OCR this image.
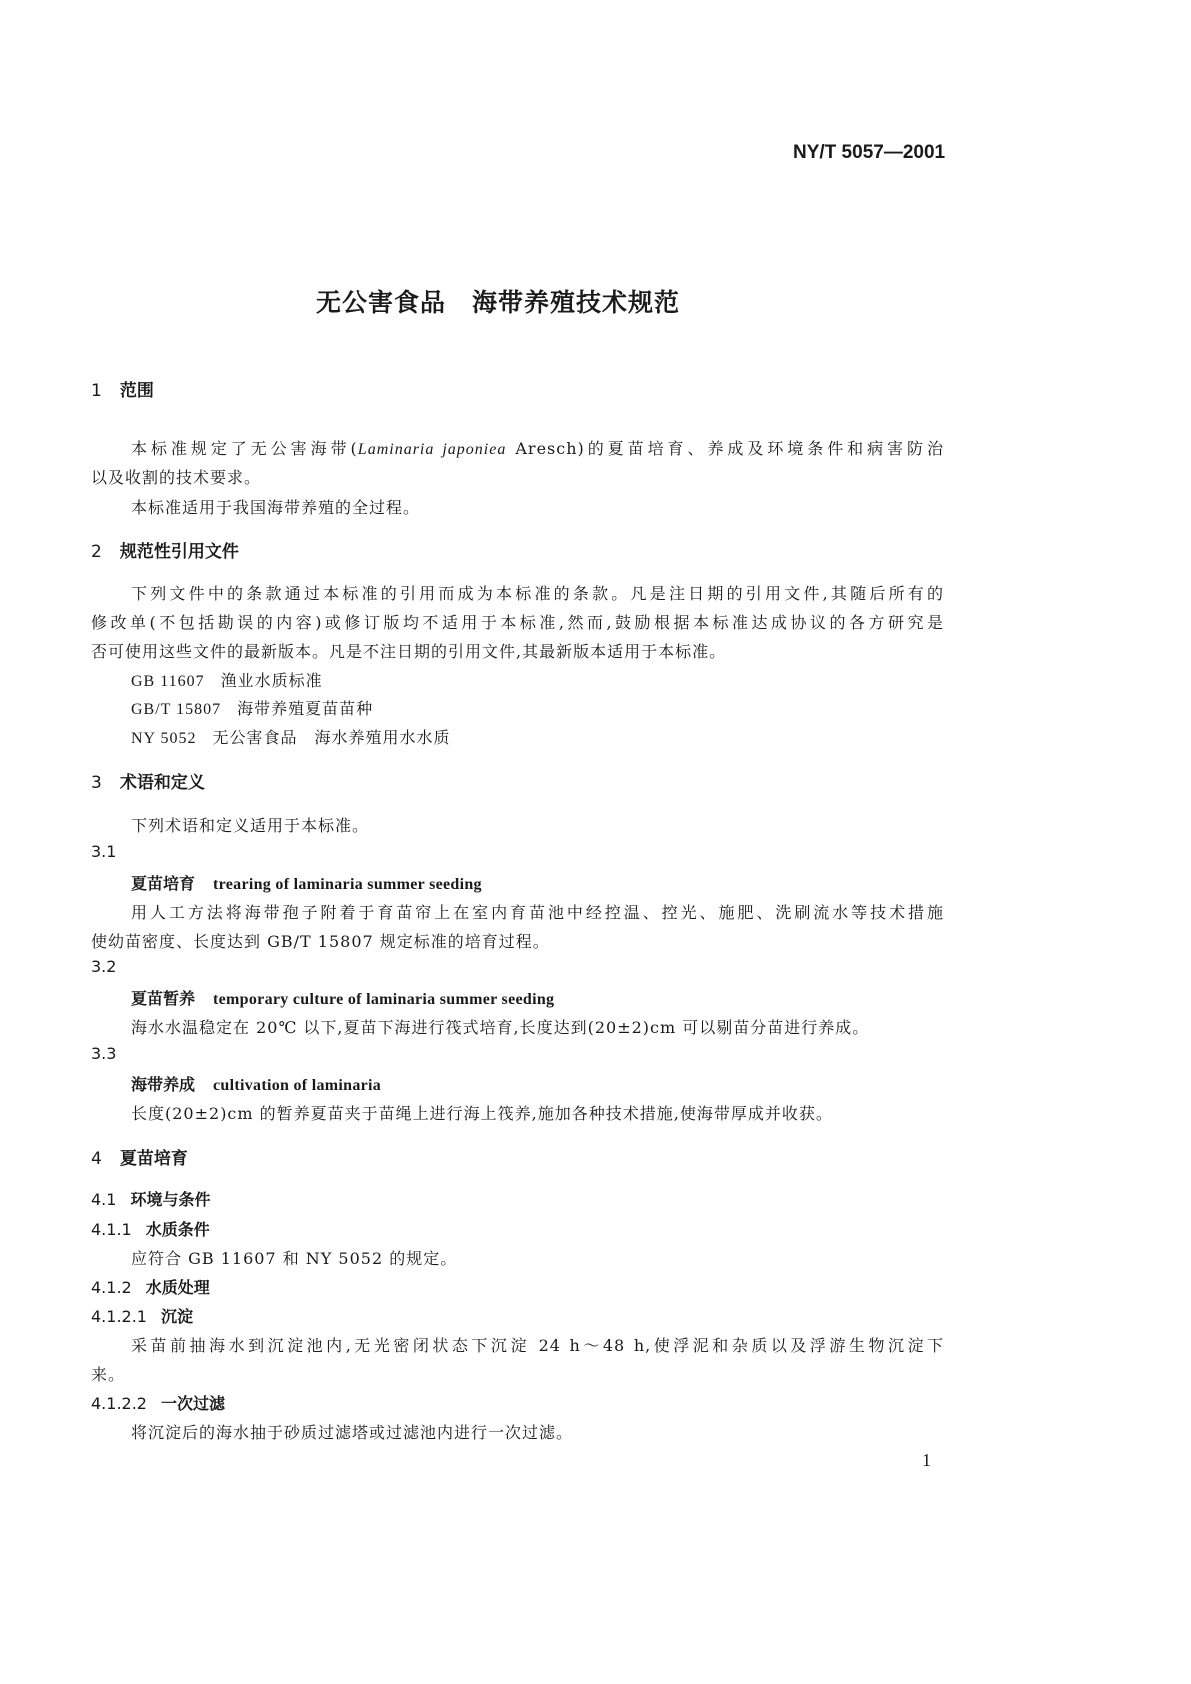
NY/T 5057—2001
无公害食品　海带养殖技术规范
1 范围
本标准规定了无公害海带(Laminaria japoniea Aresch)的夏苗培育、养成及环境条件和病害防治
以及收割的技术要求。
本标准适用于我国海带养殖的全过程。
2 规范性引用文件
下列文件中的条款通过本标准的引用而成为本标准的条款。凡是注日期的引用文件,其随后所有的
修改单(不包括勘误的内容)或修订版均不适用于本标准,然而,鼓励根据本标准达成协议的各方研究是
否可使用这些文件的最新版本。凡是不注日期的引用文件,其最新版本适用于本标准。
GB 11607 渔业水质标准
GB/T 15807 海带养殖夏苗苗种
NY 5052 无公害食品　海水养殖用水水质
3 术语和定义
下列术语和定义适用于本标准。
3.1
夏苗培育 trearing of laminaria summer seeding
用人工方法将海带孢子附着于育苗帘上在室内育苗池中经控温、控光、施肥、洗刷流水等技术措施
使幼苗密度、长度达到 GB/T 15807 规定标准的培育过程。
3.2
夏苗暂养 temporary culture of laminaria summer seeding
海水水温稳定在 20℃ 以下,夏苗下海进行筏式培育,长度达到(20±2)cm 可以剔苗分苗进行养成。
3.3
海带养成 cultivation of laminaria
长度(20±2)cm 的暂养夏苗夹于苗绳上进行海上筏养,施加各种技术措施,使海带厚成并收获。
4 夏苗培育
4.1 环境与条件
4.1.1 水质条件
应符合 GB 11607 和 NY 5052 的规定。
4.1.2 水质处理
4.1.2.1 沉淀
采苗前抽海水到沉淀池内,无光密闭状态下沉淀 24 h～48 h,使浮泥和杂质以及浮游生物沉淀下
来。
4.1.2.2 一次过滤
将沉淀后的海水抽于砂质过滤塔或过滤池内进行一次过滤。
1
